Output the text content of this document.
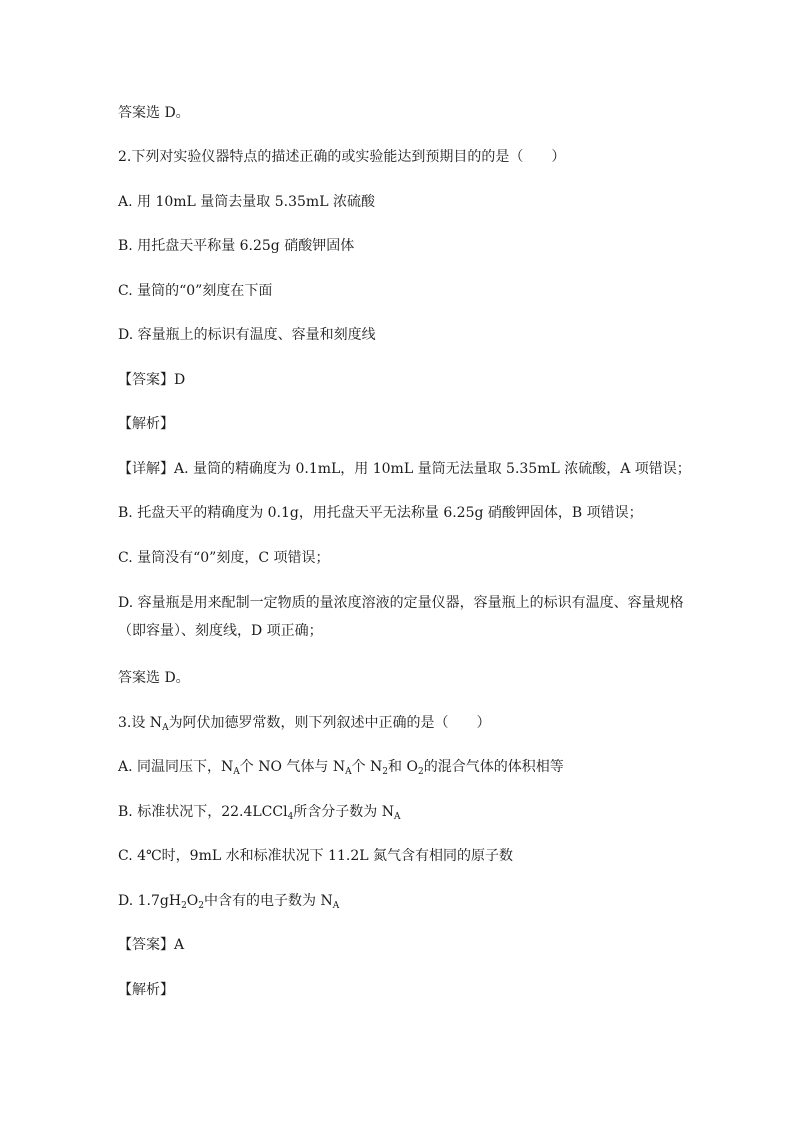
答案选 D。
2.下列对实验仪器特点的描述正确的或实验能达到预期目的的是（　　）
A. 用 10mL 量筒去量取 5.35mL 浓硫酸
B. 用托盘天平称量 6.25g 硝酸钾固体
C. 量筒的“0”刻度在下面
D. 容量瓶上的标识有温度、容量和刻度线
【答案】D
【解析】
【详解】A. 量筒的精确度为 0.1mL，用 10mL 量筒无法量取 5.35mL 浓硫酸，A 项错误；
B. 托盘天平的精确度为 0.1g，用托盘天平无法称量 6.25g 硝酸钾固体，B 项错误；
C. 量筒没有“0”刻度，C 项错误；
D. 容量瓶是用来配制一定物质的量浓度溶液的定量仪器，容量瓶上的标识有温度、容量规格（即容量）、刻度线，D 项正确；
答案选 D。
3.设 $N_A$为阿伏加德罗常数，则下列叙述中正确的是（　　）
A. 同温同压下，$N_A$个 NO 气体与 $N_A$个 $N_2$和 $O_2$的混合气体的体积相等
B. 标准状况下，22.4LCCl$_4$所含分子数为 $N_A$
C. 4℃时，9mL 水和标准状况下 11.2L 氮气含有相同的原子数
D. $1.7gH_2O_2$中含有的电子数为 $N_A$
【答案】A
【解析】
